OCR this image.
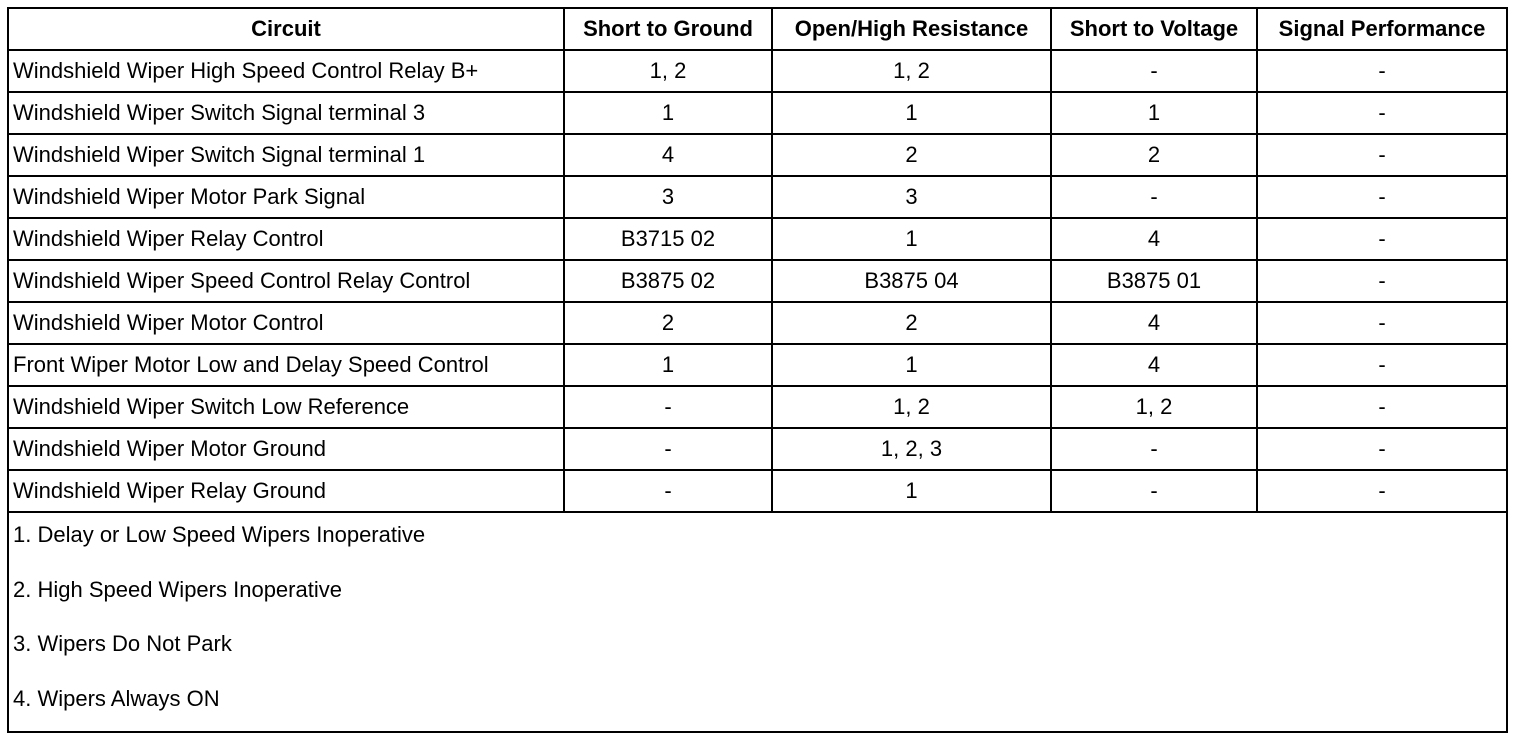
Circuit	Short to Ground	Open/High Resistance	Short to Voltage	Signal Performance
Windshield Wiper High Speed Control Relay B+	1, 2	1, 2	-	-
Windshield Wiper Switch Signal terminal 3	1	1	1	-
Windshield Wiper Switch Signal terminal 1	4	2	2	-
Windshield Wiper Motor Park Signal	3	3	-	-
Windshield Wiper Relay Control	B3715 02	1	4	-
Windshield Wiper Speed Control Relay Control	B3875 02	B3875 04	B3875 01	-
Windshield Wiper Motor Control	2	2	4	-
Front Wiper Motor Low and Delay Speed Control	1	1	4	-
Windshield Wiper Switch Low Reference	-	1, 2	1, 2	-
Windshield Wiper Motor Ground	-	1, 2, 3	-	-
Windshield Wiper Relay Ground	-	1	-	-

1. Delay or Low Speed Wipers Inoperative
2. High Speed Wipers Inoperative
3. Wipers Do Not Park
4. Wipers Always ON				
